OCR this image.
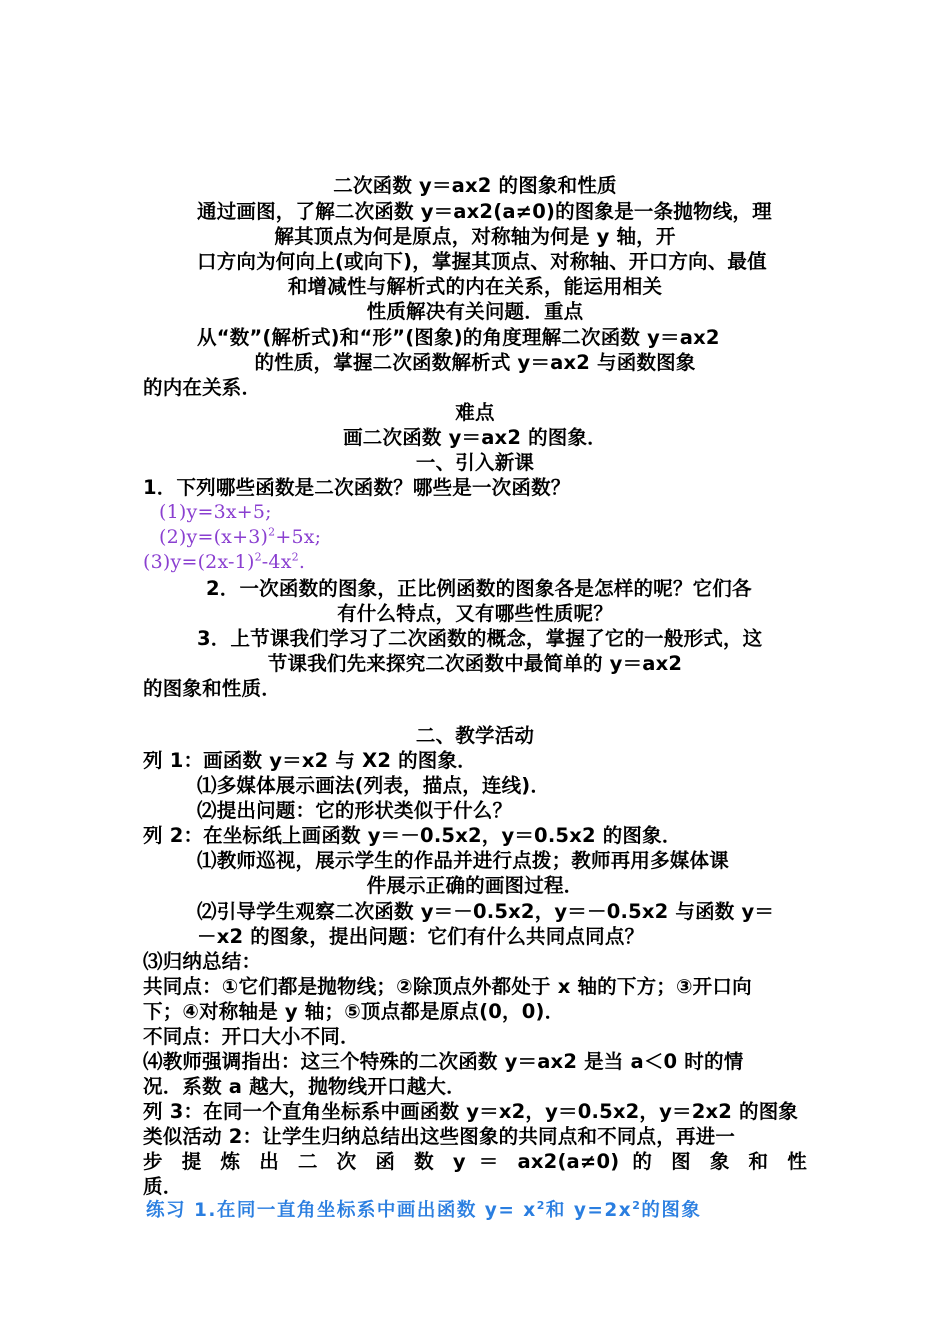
二次函数 y＝ax2 的图象和性质
通过画图，了解二次函数 y＝ax2(a≠0)的图象是一条抛物线，理
解其顶点为何是原点，对称轴为何是 y 轴，开
口方向为何向上(或向下)，掌握其顶点、对称轴、开口方向、最值
和增减性与解析式的内在关系，能运用相关
性质解决有关问题．重点
从“数”(解析式)和“形”(图象)的角度理解二次函数 y＝ax2
的性质，掌握二次函数解析式 y＝ax2 与函数图象
的内在关系．
难点
画二次函数 y＝ax2 的图象．
一、引入新课
1．下列哪些函数是二次函数？哪些是一次函数？
(1)y=3x+5;
$(2)y=(x+3)^2+5x$;
$(3)y=(2x-1)^2-4x^2$.
2．一次函数的图象，正比例函数的图象各是怎样的呢？它们各
有什么特点，又有哪些性质呢？
3．上节课我们学习了二次函数的概念，掌握了它的一般形式，这
节课我们先来探究二次函数中最简单的 y＝ax2
的图象和性质．
二、教学活动
列 1：画函数 y＝x2 与 X2 的图象．
⑴多媒体展示画法(列表，描点，连线)．
⑵提出问题：它的形状类似于什么？
列 2：在坐标纸上画函数 y＝－0.5x2，y＝0.5x2 的图象．
⑴教师巡视，展示学生的作品并进行点拨；教师再用多媒体课
件展示正确的画图过程．
⑵引导学生观察二次函数 y＝－0.5x2，y＝－0.5x2 与函数 y＝
－x2 的图象，提出问题：它们有什么共同点同点？
⑶归纳总结：
共同点：①它们都是抛物线；②除顶点外都处于 x 轴的下方；③开口向
下；④对称轴是 y 轴；⑤顶点都是原点(0，0)．
不同点：开口大小不同．
⑷教师强调指出：这三个特殊的二次函数 y＝ax2 是当 a＜0 时的情
况．系数 a 越大，抛物线开口越大．
列 3：在同一个直角坐标系中画函数 y＝x2，y＝0.5x2，y＝2x2 的图象
类似活动 2：让学生归纳总结出这些图象的共同点和不同点，再进一
步 提 炼 出 二 次 函 数 y ＝ ax2(a≠0) 的 图 象 和 性
质．
练习 1.在同一直角坐标系中画出函数 $y= x^2$和 $y=2x^2$的图象
